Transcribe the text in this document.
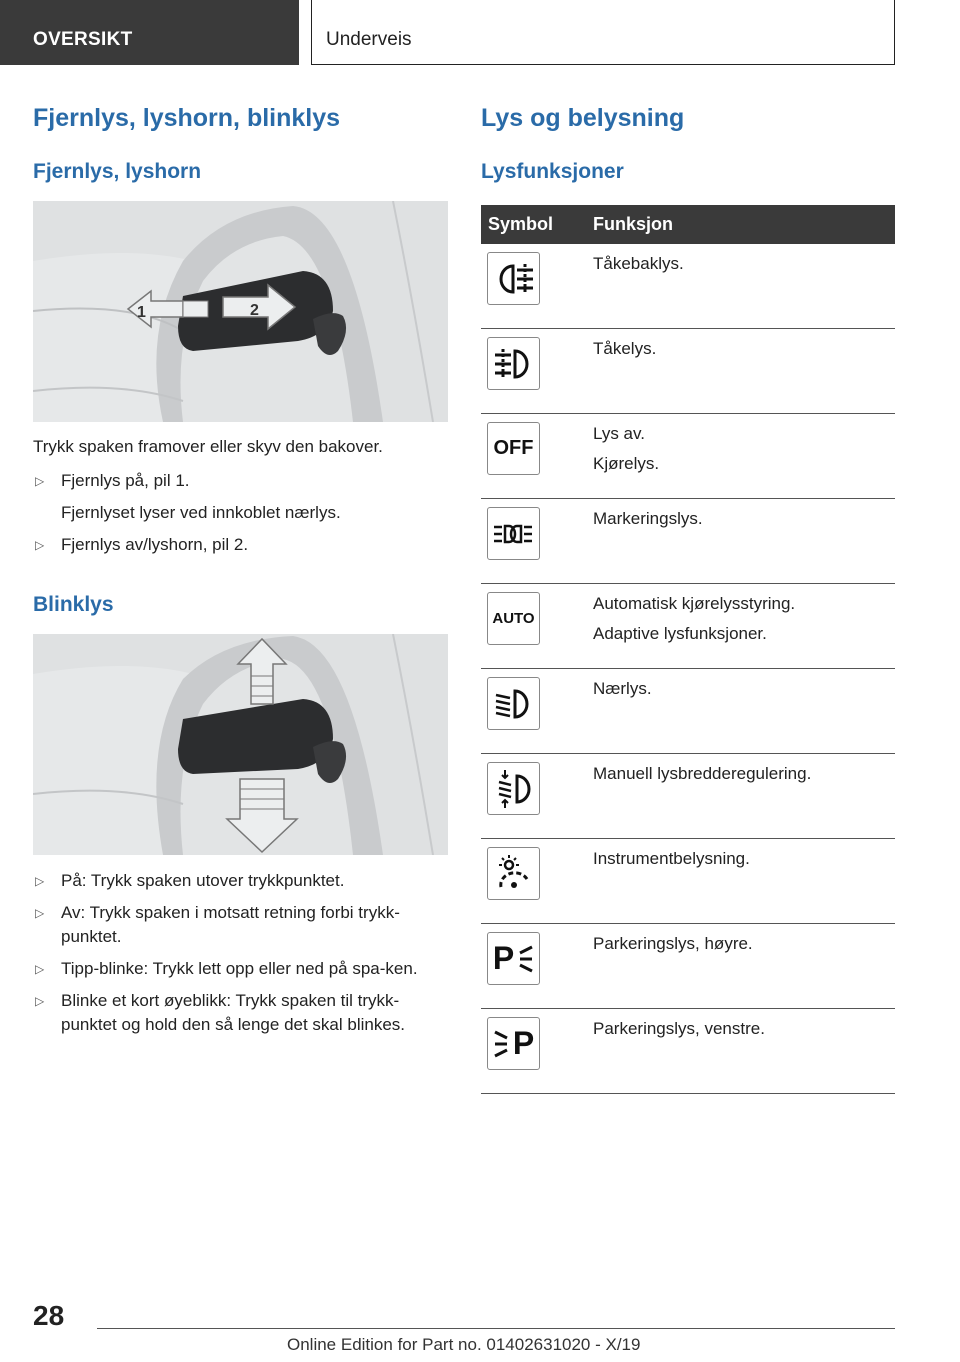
OVERSIKT	Underveis
Fjernlys, lyshorn, blinklys
Fjernlys, lyshorn
1	2
Trykk spaken framover eller skyv den bakover.
▷ Fjernlys på, pil 1.
Fjernlyset lyser ved innkoblet nærlys.
▷ Fjernlys av/lyshorn, pil 2.
Blinklys
▷ På: Trykk spaken utover trykkpunktet.
▷ Av: Trykk spaken i motsatt retning forbi trykk-punktet.
▷ Tipp-blinke: Trykk lett opp eller ned på spa-ken.
▷ Blinke et kort øyeblikk: Trykk spaken til trykk-punktet og hold den så lenge det skal blinkes.
Lys og belysning
Lysfunksjoner
Symbol	Funksjon

Tåkebaklys.

Tåkelys.

OFF	Lys av.
Kjørelys.

Markeringslys.

AUTO	Automatisk kjørelysstyring.
Adaptive lysfunksjoner.

Nærlys.

Manuell lysbredderegulering.

Instrumentbelysning.

P	Parkeringslys, høyre.

P	Parkeringslys, venstre.
28
Online Edition for Part no. 01402631020 - X/19
